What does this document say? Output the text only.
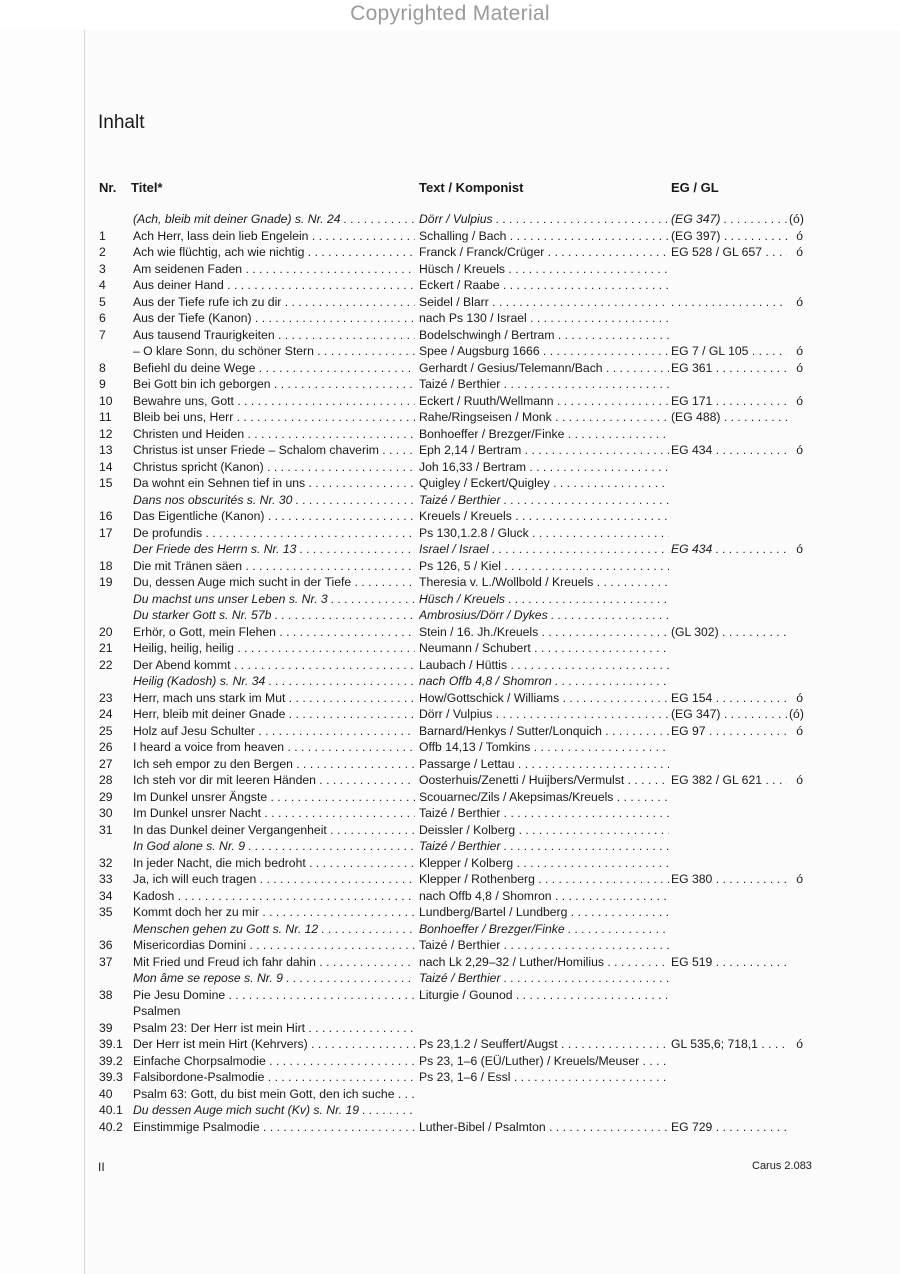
Copyrighted Material
Inhalt
Nr. Titel*	Text / Komponist	EG / GL
(Ach, bleib mit deiner Gnade) s. Nr. 24 . . .	Dörr / Vulpius . . .	(EG 347) . . .	(ó)
1 Ach Herr, lass dein lieb Engelein . . .	Schalling / Bach . . .	(EG 397) . . .	ó
2 Ach wie flüchtig, ach wie nichtig . . .	Franck / Franck/Crüger . . .	EG 528 / GL 657 . . .	ó
3 Am seidenen Faden . . .	Hüsch / Kreuels . . .
4 Aus deiner Hand . . .	Eckert / Raabe . . .
5 Aus der Tiefe rufe ich zu dir . . .	Seidel / Blarr . . .
. . .	ó
6 Aus der Tiefe (Kanon) . . .	nach Ps 130 / Israel . . .
7 Aus tausend Traurigkeiten . . .	Bodelschwingh / Bertram . . .
– O klare Sonn, du schöner Stern . . .	Spee / Augsburg 1666 . . .	EG 7 / GL 105 . . .	ó
8 Befiehl du deine Wege . . .	Gerhardt / Gesius/Telemann/Bach . . .	EG 361 . . .	ó
9 Bei Gott bin ich geborgen . . .	Taizé / Berthier . . .
10 Bewahre uns, Gott . . .	Eckert / Ruuth/Wellmann . . .	EG 171 . . .	ó
11 Bleib bei uns, Herr . . .	Rahe/Ringseisen / Monk . . .	(EG 488) . . .
12 Christen und Heiden . . .	Bonhoeffer / Brezger/Finke . . .
13 Christus ist unser Friede – Schalom chaverim . . .	Eph 2,14 / Bertram . . .	EG 434 . . .	ó
14 Christus spricht (Kanon) . . .	Joh 16,33 / Bertram . . .
15 Da wohnt ein Sehnen tief in uns . . .	Quigley / Eckert/Quigley . . .
Dans nos obscurités s. Nr. 30 . . .	Taizé / Berthier . . .
16 Das Eigentliche (Kanon) . . .	Kreuels / Kreuels . . .
17 De profundis . . .	Ps 130,1.2.8 / Gluck . . .
Der Friede des Herrn s. Nr. 13 . . .	Israel / Israel . . .	EG 434 . . .	ó
18 Die mit Tränen säen . . .	Ps 126, 5 / Kiel . . .
19 Du, dessen Auge mich sucht in der Tiefe . . .	Theresia v. L./Wollbold / Kreuels . . .
Du machst uns unser Leben s. Nr. 3 . . .	Hüsch / Kreuels . . .
Du starker Gott s. Nr. 57b . . .	Ambrosius/Dörr / Dykes . . .
20 Erhör, o Gott, mein Flehen . . .	Stein / 16. Jh./Kreuels . . .	(GL 302) . . .
21 Heilig, heilig, heilig . . .	Neumann / Schubert . . .
22 Der Abend kommt . . .	Laubach / Hüttis . . .
Heilig (Kadosh) s. Nr. 34 . . .	nach Offb 4,8 / Shomron . . .
23 Herr, mach uns stark im Mut . . .	How/Gottschick / Williams . . .	EG 154 . . .	ó
24 Herr, bleib mit deiner Gnade . . .	Dörr / Vulpius . . .	(EG 347) . . .	(ó)
25 Holz auf Jesu Schulter . . .	Barnard/Henkys / Sutter/Lonquich . . .	EG 97 . . .	ó
26 I heard a voice from heaven . . .	Offb 14,13 / Tomkins . . .
27 Ich seh empor zu den Bergen . . .	Passarge / Lettau . . .
28 Ich steh vor dir mit leeren Händen . . .	Oosterhuis/Zenetti / Huijbers/Vermulst . . .	EG 382 / GL 621 . . .	ó
29 Im Dunkel unsrer Ängste . . .	Scouarnec/Zils / Akepsimas/Kreuels . . .
30 Im Dunkel unsrer Nacht . . .	Taizé / Berthier . . .
31 In das Dunkel deiner Vergangenheit . . .	Deissler / Kolberg . . .
In God alone s. Nr. 9 . . .	Taizé / Berthier . . .
32 In jeder Nacht, die mich bedroht . . .	Klepper / Kolberg . . .
33 Ja, ich will euch tragen . . .	Klepper / Rothenberg . . .	EG 380 . . .	ó
34 Kadosh . . .	nach Offb 4,8 / Shomron . . .
35 Kommt doch her zu mir . . .	Lundberg/Bartel / Lundberg . . .
Menschen gehen zu Gott s. Nr. 12 . . .	Bonhoeffer / Brezger/Finke . . .
36 Misericordias Domini . . .	Taizé / Berthier . . .
37 Mit Fried und Freud ich fahr dahin . . .	nach Lk 2,29–32 / Luther/Homilius . . .	EG 519 . . .
Mon âme se repose s. Nr. 9 . . .	Taizé / Berthier . . .
38 Pie Jesu Domine . . .	Liturgie / Gounod . . .
Psalmen
39 Psalm 23: Der Herr ist mein Hirt . . .
39.1 Der Herr ist mein Hirt (Kehrvers) . . .	Ps 23,1.2 / Seuffert/Augst . . .	GL 535,6; 718,1 . . .	ó
39.2 Einfache Chorpsalmodie . . .	Ps 23, 1–6 (EÜ/Luther) / Kreuels/Meuser . . .
39.3 Falsibordone-Psalmodie . . .	Ps 23, 1–6 / Essl . . .
40 Psalm 63: Gott, du bist mein Gott, den ich suche . . .
40.1 Du dessen Auge mich sucht (Kv) s. Nr. 19 . . .
40.2 Einstimmige Psalmodie . . .	Luther-Bibel / Psalmton . . .	EG 729 . . .
II	Carus 2.083
